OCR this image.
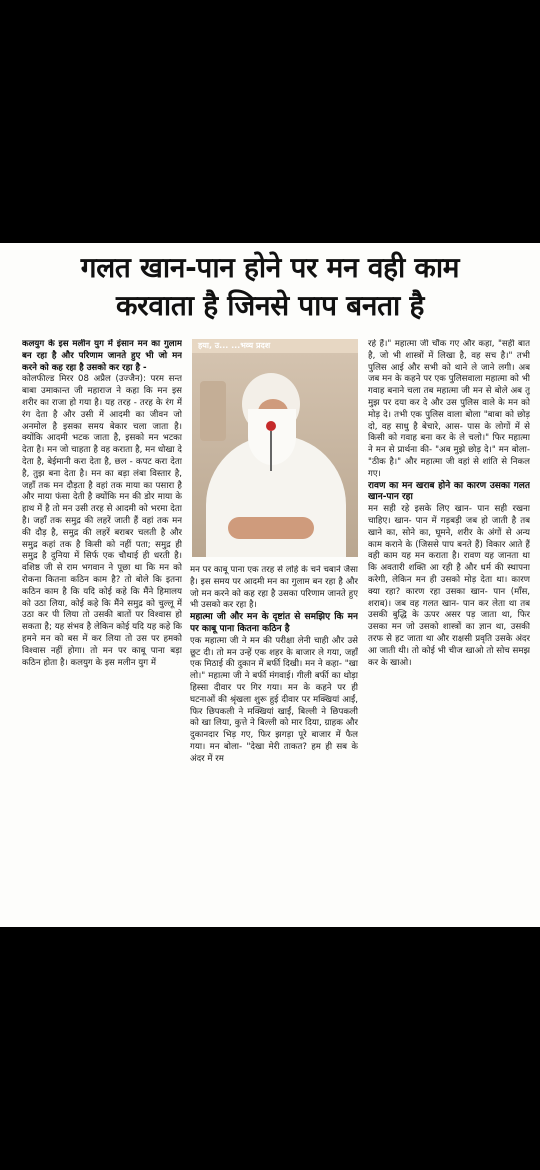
गलत खान-पान होने पर मन वही काम
करवाता है जिनसे पाप बनता है

कलयुग के इस मलीन युग में इंसान मन का गुलाम बन रहा है और परिणाम जानते हुए भी जो मन करने को कह रहा है उसको कर रहा है -

कोलफील्ड मिरर 08 अप्रैल (उज्जैन): परम सन्त बाबा उमाकान्त जी महाराज ने कहा कि मन इस शरीर का राजा हो गया है। यह तरह - तरह के रंग में रंग देता है और उसी में आदमी का जीवन जो अनमोल है इसका समय बेकार चला जाता है। क्योंकि आदमी भटक जाता है, इसको मन भटका देता है। मन जो चाहता है वह कराता है, मन धोखा दे देता है, बेईमानी करा देता है, छल - कपट करा देता है, तुझ बना देता है। मन का बड़ा लंबा विस्तार है, जहाँ तक मन दौड़ता है वहां तक माया का पसारा है और माया फंसा देती है क्योंकि मन की डोर माया के हाथ में है तो मन उसी तरह से आदमी को भरमा देता है। जहाँ तक समुद्र की लहरें जाती हैं वहां तक मन की दौड़ है, समुद्र की लहरें बराबर चलती है और समुद्र कहां तक है किसी को नहीं पता; समुद्र ही समुद्र है दुनिया में सिर्फ एक चौथाई ही धरती है। वशिष्ठ जी से राम भगवान ने पूछा था कि मन को रोकना कितना कठिन काम है? तो बोले कि इतना कठिन काम है कि यदि कोई कहे कि मैंने हिमालय को उठा लिया, कोई कहे कि मैंने समुद्र को चुल्लू में उठा कर पी लिया तो उसकी बातों पर विश्वास हो सकता है; यह संभव है लेकिन कोई यदि यह कहे कि हमने मन को बस में कर लिया तो उस पर हमको विश्वास नहीं होगा। तो मन पर काबू पाना बड़ा कठिन होता है। कलयुग के इस मलीन युग में

हया, उ... ...भव्य प्रदश

मन पर काबू पाना एक तरह से लोहे के चने चबाने जैसा है। इस समय पर आदमी मन का गुलाम बन रहा है और जो मन करने को कह रहा है उसका परिणाम जानते हुए भी उसको कर रहा है।

महात्मा जी और मन के दृष्टांत से समझिए कि मन पर काबू पाना कितना कठिन है

एक महात्मा जी ने मन की परीक्षा लेनी चाही और उसे छूट दी। तो मन उन्हें एक शहर के बाजार ले गया, जहाँ एक मिठाई की दुकान में बर्फी दिखी। मन ने कहा- "खा लो।" महात्मा जी ने बर्फी मंगवाई। गीली बर्फी का थोड़ा हिस्सा दीवार पर गिर गया। मन के कहने पर ही घटनाओं की श्रृंखला शुरू हुई दीवार पर मक्खियां आईं, फिर छिपकली ने मक्खियां खाईं, बिल्ली ने छिपकली को खा लिया, कुत्ते ने बिल्ली को मार दिया, ग्राहक और दुकानदार भिड़ गए, फिर झगड़ा पूरे बाजार में फैल गया। मन बोला- "देखा मेरी ताकत? हम ही सब के अंदर में रम

रहे हैं।" महात्मा जी चौंक गए और कहा, "सही बात है, जो भी शास्त्रों में लिखा है, वह सच है।" तभी पुलिस आई और सभी को थाने ले जाने लगी। अब जब मन के कहने पर एक पुलिसवाला महात्मा को भी गवाह बनाने चला तब महात्मा जी मन से बोले अब तू मुझ पर दया कर दे और उस पुलिस वाले के मन को मोड़ दे। तभी एक पुलिस वाला बोला "बाबा को छोड़ दो, वह साधु है बेचारे, आस- पास के लोगों में से किसी को गवाह बना कर के ले चलो।" फिर महात्मा ने मन से प्रार्थना की- "अब मुझे छोड़ दे।" मन बोला- "ठीक है।" और महात्मा जी वहां से शांति से निकल गए।

रावण का मन खराब होने का कारण उसका गलत खान-पान रहा

मन सही रहे इसके लिए खान- पान सही रखना चाहिए। खान- पान में गड़बड़ी जब हो जाती है तब खाने का, सोने का, घूमने, शरीर के अंगों से अन्य काम कराने के (जिससे पाप बनते हैं) विकार आते हैं वही काम यह मन कराता है। रावण यह जानता था कि अवतारी शक्ति आ रही है और धर्म की स्थापना करेगी, लेकिन मन ही उसको मोड़ देता था। कारण क्या रहा? कारण रहा उसका खान- पान (माँस, शराब)। जब वह गलत खान- पान कर लेता था तब उसकी बुद्धि के ऊपर असर पड़ जाता था, फिर उसका मन जो उसको शास्त्रों का ज्ञान था, उसकी तरफ से हट जाता था और राक्षसी प्रवृति उसके अंदर आ जाती थी। तो कोई भी चीज खाओ तो सोच समझ कर के खाओ।
